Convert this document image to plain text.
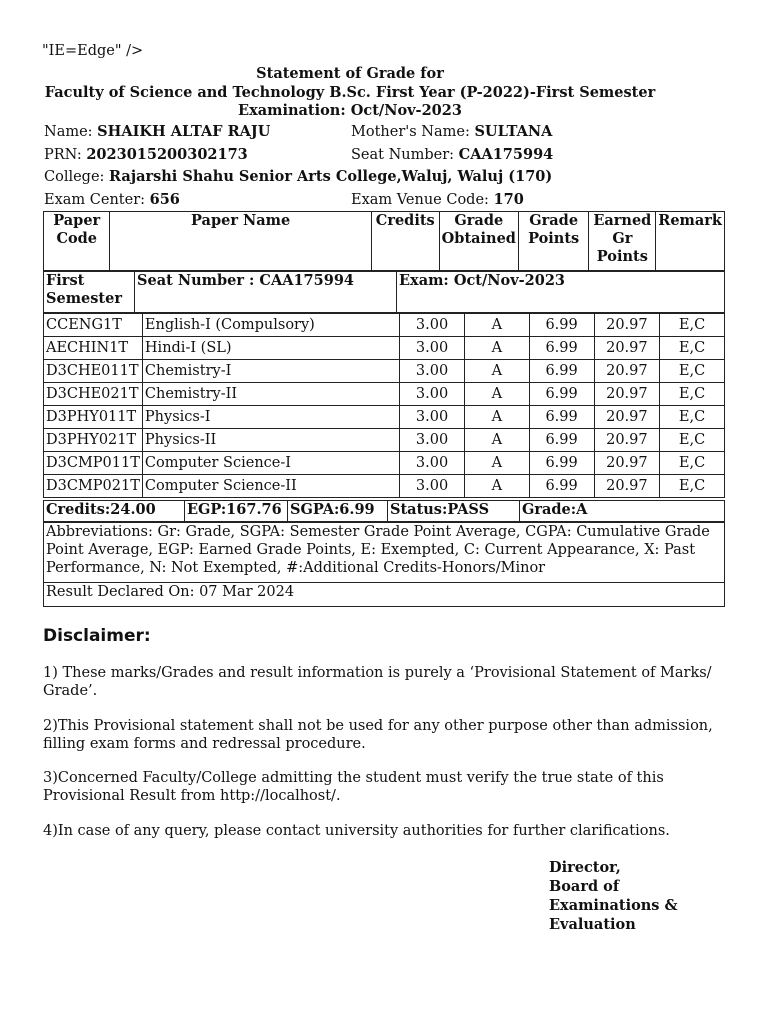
"IE=Edge" />
Statement of Grade for
Faculty of Science and Technology B.Sc. First Year (P-2022)-First Semester
Examination: Oct/Nov-2023
Name: SHAIKH ALTAF RAJU	Mother's Name: SULTANA
PRN: 2023015200302173	Seat Number: CAA175994
College: Rajarshi Shahu Senior Arts College,Waluj, Waluj (170)
Exam Center: 656	Exam Venue Code: 170
Paper Code	Paper Name	Credits	Grade Obtained	Grade Points	Earned Gr Points	Remark
First Semester	Seat Number : CAA175994	Exam: Oct/Nov-2023
CCENG1T	English-I (Compulsory)	3.00	A	6.99	20.97	E,C
AECHIN1T	Hindi-I (SL)	3.00	A	6.99	20.97	E,C
D3CHE011T	Chemistry-I	3.00	A	6.99	20.97	E,C
D3CHE021T	Chemistry-II	3.00	A	6.99	20.97	E,C
D3PHY011T	Physics-I	3.00	A	6.99	20.97	E,C
D3PHY021T	Physics-II	3.00	A	6.99	20.97	E,C
D3CMP011T	Computer Science-I	3.00	A	6.99	20.97	E,C
D3CMP021T	Computer Science-II	3.00	A	6.99	20.97	E,C
Credits:24.00	EGP:167.76	SGPA:6.99	Status:PASS	Grade:A
Abbreviations: Gr: Grade, SGPA: Semester Grade Point Average, CGPA: Cumulative Grade Point Average, EGP: Earned Grade Points, E: Exempted, C: Current Appearance, X: Past Performance, N: Not Exempted, #:Additional Credits-Honors/Minor
Result Declared On: 07 Mar 2024
Disclaimer:

1) These marks/Grades and result information is purely a ‘Provisional Statement of Marks/ Grade’.

2)This Provisional statement shall not be used for any other purpose other than admission, filling exam forms and redressal procedure.

3)Concerned Faculty/College admitting the student must verify the true state of this Provisional Result from http://localhost/.

4)In case of any query, please contact university authorities for further clarifications.

Director,
Board of
Examinations &
Evaluation
